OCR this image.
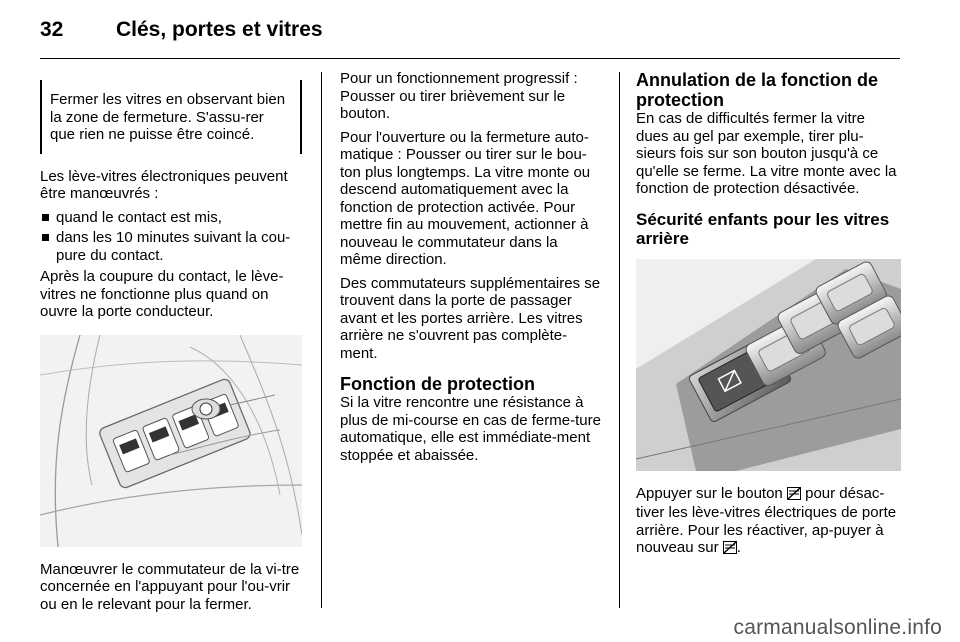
32	Clés, portes et vitres

Fermer les vitres en observant bien la zone de fermeture. S'assu-rer que rien ne puisse être coincé.

Les lève-vitres électroniques peuvent être manœuvrés :

quand le contact est mis,
dans les 10 minutes suivant la cou-pure du contact.

Après la coupure du contact, le lève-vitres ne fonctionne plus quand on ouvre la porte conducteur.

Manœuvrer le commutateur de la vi-tre concernée en l'appuyant pour l'ou-vrir ou en le relevant pour la fermer.

Pour un fonctionnement progressif : Pousser ou tirer brièvement sur le bouton.

Pour l'ouverture ou la fermeture auto-matique : Pousser ou tirer sur le bou-ton plus longtemps. La vitre monte ou descend automatiquement avec la fonction de protection activée. Pour mettre fin au mouvement, actionner à nouveau le commutateur dans la même direction.

Des commutateurs supplémentaires se trouvent dans la porte de passager avant et les portes arrière. Les vitres arrière ne s'ouvrent pas complète-ment.

Fonction de protection

Si la vitre rencontre une résistance à plus de mi-course en cas de ferme-ture automatique, elle est immédiate-ment stoppée et abaissée.

Annulation de la fonction de protection

En cas de difficultés fermer la vitre dues au gel par exemple, tirer plu-sieurs fois sur son bouton jusqu'à ce qu'elle se ferme. La vitre monte avec la fonction de protection désactivée.

Sécurité enfants pour les vitres arrière

Appuyer sur le bouton pour désac-tiver les lève-vitres électriques de porte arrière. Pour les réactiver, ap-puyer à nouveau sur .

carmanualsonline.info
